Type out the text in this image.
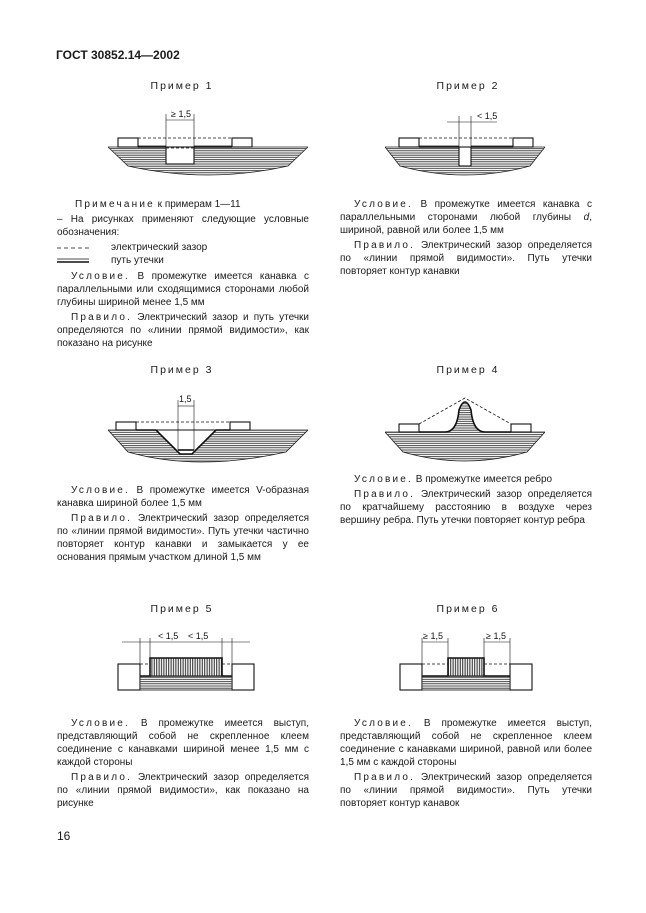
ГОСТ 30852.14—2002
Пример 1
≥ 1,5

Примечание к примерам 1—11

– На рисунках применяют следующие условные обозначения:

электрический зазор
путь утечки

Условие. В промежутке имеется канавка с параллельными или сходящимися сторонами любой глубины шириной менее 1,5 мм

Правило. Электрический зазор и путь утечки определяются по «линии прямой видимости», как показано на рисунке

Пример 2
< 1,5

Условие. В промежутке имеется канавка с параллельными сторонами любой глубины d, шириной, равной или более 1,5 мм

Правило. Электрический зазор определяется по «линии прямой видимости». Путь утечки повторяет контур канавки

Пример 3
1,5

Условие. В промежутке имеется V-образная канавка шириной более 1,5 мм

Правило. Электрический зазор определяется по «линии прямой видимости». Путь утечки частично повторяет контур канавки и замыкается у ее основания прямым участком длиной 1,5 мм

Пример 4

Условие. В промежутке имеется ребро

Правило. Электрический зазор определяется по кратчайшему расстоянию в воздухе через вершину ребра. Путь утечки повторяет контур ребра

Пример 5
< 1,5 < 1,5

Условие. В промежутке имеется выступ, представляющий собой не скрепленное клеем соединение с канавками шириной менее 1,5 мм с каждой стороны

Правило. Электрический зазор определяется по «линии прямой видимости», как показано на рисунке

Пример 6
≥ 1,5	≥ 1,5

Условие. В промежутке имеется выступ, представляющий собой не скрепленное клеем соединение с канавками шириной, равной или более 1,5 мм с каждой стороны

Правило. Электрический зазор определяется по «линии прямой видимости». Путь утечки повторяет контур канавок

16
